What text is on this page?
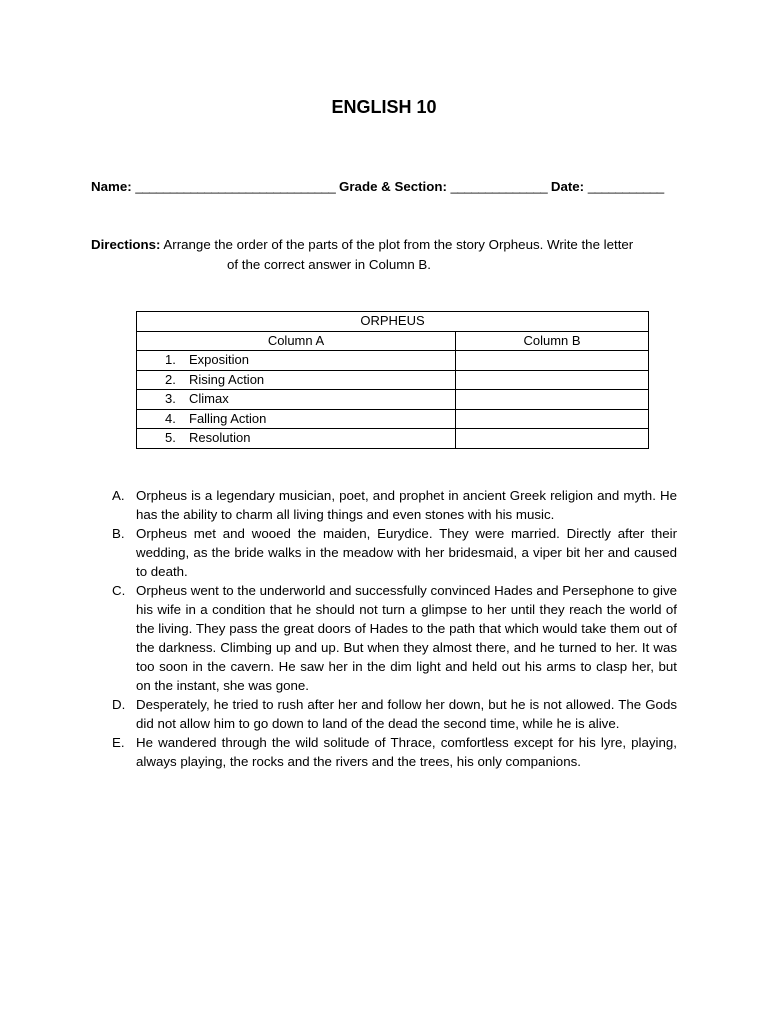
ENGLISH 10
Name: _____________________________ Grade & Section: ______________ Date: ___________
Directions: Arrange the order of the parts of the plot from the story Orpheus. Write the letter
of the correct answer in Column B.
ORPHEUS	
Column A	Column B
1. Exposition	
2. Rising Action	
3. Climax	
4. Falling Action	
5. Resolution	
A. Orpheus is a legendary musician, poet, and prophet in ancient Greek religion and myth. He has the ability to charm all living things and even stones with his music.
B. Orpheus met and wooed the maiden, Eurydice. They were married. Directly after their wedding, as the bride walks in the meadow with her bridesmaid, a viper bit her and caused to death.
C. Orpheus went to the underworld and successfully convinced Hades and Persephone to give his wife in a condition that he should not turn a glimpse to her until they reach the world of the living. They pass the great doors of Hades to the path that which would take them out of the darkness. Climbing up and up. But when they almost there, and he turned to her. It was too soon in the cavern. He saw her in the dim light and held out his arms to clasp her, but on the instant, she was gone.
D. Desperately, he tried to rush after her and follow her down, but he is not allowed. The Gods did not allow him to go down to land of the dead the second time, while he is alive.
E. He wandered through the wild solitude of Thrace, comfortless except for his lyre, playing, always playing, the rocks and the rivers and the trees, his only companions.
